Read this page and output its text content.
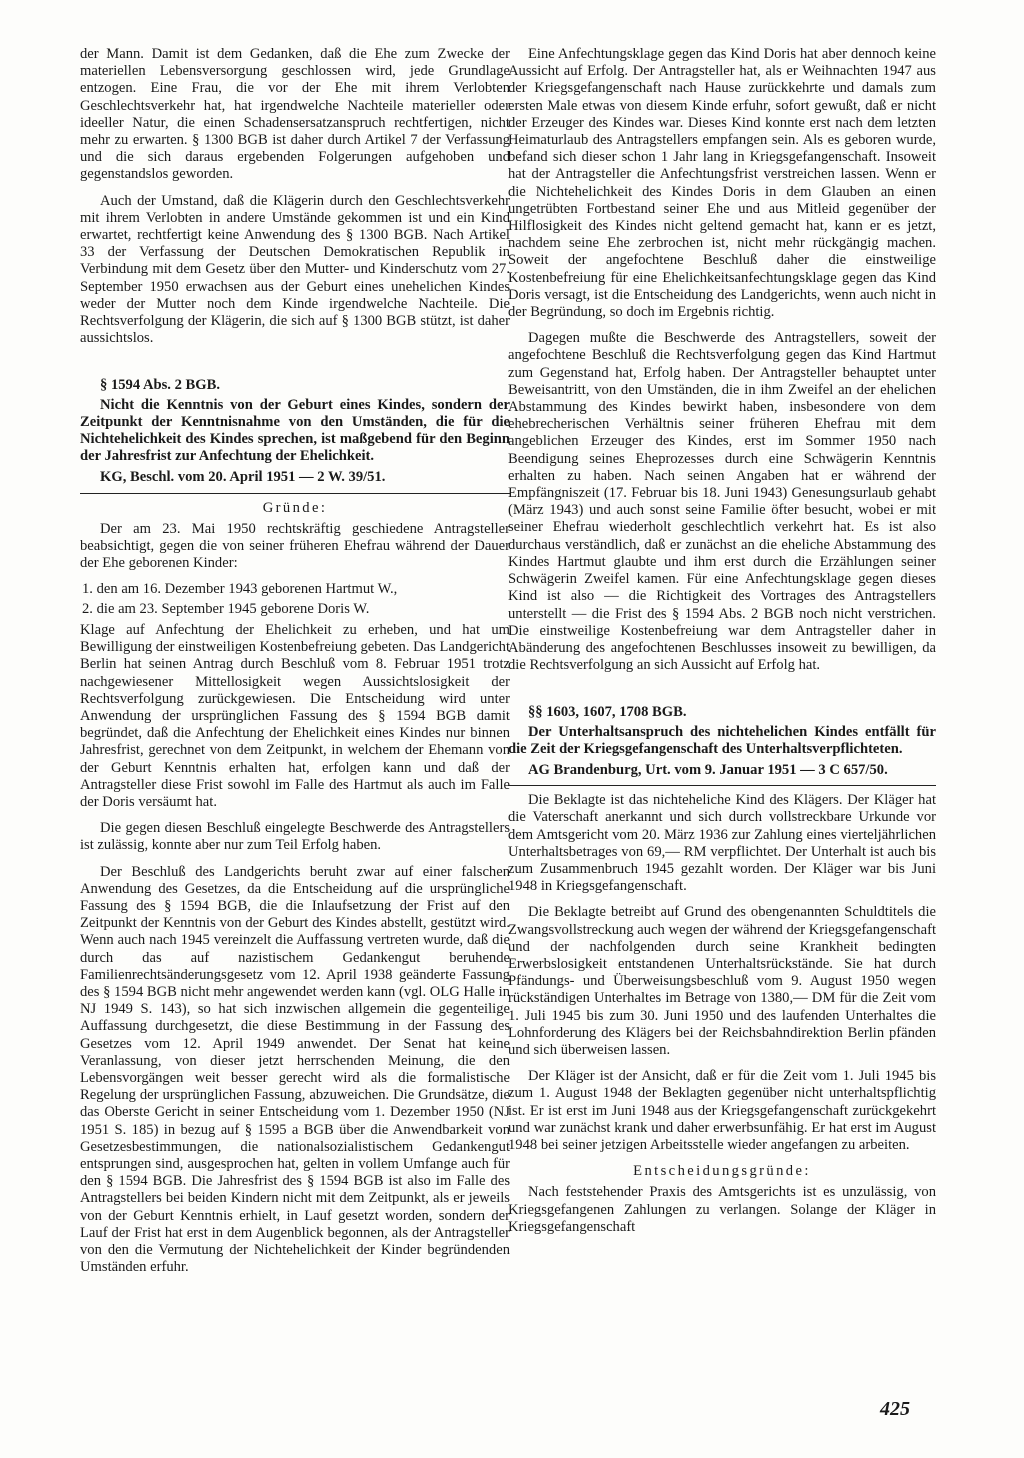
der Mann. Damit ist dem Gedanken, daß die Ehe zum Zwecke der materiellen Lebensversorgung geschlossen wird, jede Grundlage entzogen. Eine Frau, die vor der Ehe mit ihrem Verlobten Geschlechtsverkehr hat, hat irgendwelche Nachteile materieller oder ideeller Natur, die einen Schadensersatzanspruch rechtfertigen, nicht mehr zu erwarten. § 1300 BGB ist daher durch Artikel 7 der Verfassung und die sich daraus ergebenden Folgerungen aufgehoben und gegenstandslos geworden.

Auch der Umstand, daß die Klägerin durch den Geschlechtsverkehr mit ihrem Verlobten in andere Umstände gekommen ist und ein Kind erwartet, rechtfertigt keine Anwendung des § 1300 BGB. Nach Artikel 33 der Verfassung der Deutschen Demokratischen Republik in Verbindung mit dem Gesetz über den Mutter- und Kinderschutz vom 27. September 1950 erwachsen aus der Geburt eines unehelichen Kindes weder der Mutter noch dem Kinde irgendwelche Nachteile. Die Rechtsverfolgung der Klägerin, die sich auf § 1300 BGB stützt, ist daher aussichtslos.

§ 1594 Abs. 2 BGB.
Nicht die Kenntnis von der Geburt eines Kindes, sondern der Zeitpunkt der Kenntnisnahme von den Umständen, die für die Nichtehelichkeit des Kindes sprechen, ist maßgebend für den Beginn der Jahresfrist zur Anfechtung der Ehelichkeit.
KG, Beschl. vom 20. April 1951 — 2 W. 39/51.
Gründe:

Der am 23. Mai 1950 rechtskräftig geschiedene Antragsteller beabsichtigt, gegen die von seiner früheren Ehefrau während der Dauer der Ehe geborenen Kinder:

1. den am 16. Dezember 1943 geborenen Hartmut W.,
2. die am 23. September 1945 geborene Doris W.

Klage auf Anfechtung der Ehelichkeit zu erheben, und hat um Bewilligung der einstweiligen Kostenbefreiung gebeten. Das Landgericht Berlin hat seinen Antrag durch Beschluß vom 8. Februar 1951 trotz nachgewiesener Mittellosigkeit wegen Aussichtslosigkeit der Rechtsverfolgung zurückgewiesen. Die Entscheidung wird unter Anwendung der ursprünglichen Fassung des § 1594 BGB damit begründet, daß die Anfechtung der Ehelichkeit eines Kindes nur binnen Jahresfrist, gerechnet von dem Zeitpunkt, in welchem der Ehemann von der Geburt Kenntnis erhalten hat, erfolgen kann und daß der Antragsteller diese Frist sowohl im Falle des Hartmut als auch im Falle der Doris versäumt hat.

Die gegen diesen Beschluß eingelegte Beschwerde des Antragstellers ist zulässig, konnte aber nur zum Teil Erfolg haben.

Der Beschluß des Landgerichts beruht zwar auf einer falschen Anwendung des Gesetzes, da die Entscheidung auf die ursprüngliche Fassung des § 1594 BGB, die die Inlaufsetzung der Frist auf den Zeitpunkt der Kenntnis von der Geburt des Kindes abstellt, gestützt wird. Wenn auch nach 1945 vereinzelt die Auffassung vertreten wurde, daß die durch das auf nazistischem Gedankengut beruhende Familienrechtsänderungsgesetz vom 12. April 1938 geänderte Fassung des § 1594 BGB nicht mehr angewendet werden kann (vgl. OLG Halle in NJ 1949 S. 143), so hat sich inzwischen allgemein die gegenteilige Auffassung durchgesetzt, die diese Bestimmung in der Fassung des Gesetzes vom 12. April 1949 anwendet. Der Senat hat keine Veranlassung, von dieser jetzt herrschenden Meinung, die den Lebensvorgängen weit besser gerecht wird als die formalistische Regelung der ursprünglichen Fassung, abzuweichen. Die Grundsätze, die das Oberste Gericht in seiner Entscheidung vom 1. Dezember 1950 (NJ 1951 S. 185) in bezug auf § 1595 a BGB über die Anwendbarkeit von Gesetzesbestimmungen, die nationalsozialistischem Gedankengut entsprungen sind, ausgesprochen hat, gelten in vollem Umfange auch für den § 1594 BGB. Die Jahresfrist des § 1594 BGB ist also im Falle des Antragstellers bei beiden Kindern nicht mit dem Zeitpunkt, als er jeweils von der Geburt Kenntnis erhielt, in Lauf gesetzt worden, sondern der Lauf der Frist hat erst in dem Augenblick begonnen, als der Antragsteller von den die Vermutung der Nichtehelichkeit der Kinder begründenden Umständen erfuhr.

Eine Anfechtungsklage gegen das Kind Doris hat aber dennoch keine Aussicht auf Erfolg. Der Antragsteller hat, als er Weihnachten 1947 aus der Kriegsgefangenschaft nach Hause zurückkehrte und damals zum ersten Male etwas von diesem Kinde erfuhr, sofort gewußt, daß er nicht der Erzeuger des Kindes war. Dieses Kind konnte erst nach dem letzten Heimaturlaub des Antragstellers empfangen sein. Als es geboren wurde, befand sich dieser schon 1 Jahr lang in Kriegsgefangenschaft. Insoweit hat der Antragsteller die Anfechtungsfrist verstreichen lassen. Wenn er die Nichtehelichkeit des Kindes Doris in dem Glauben an einen ungetrübten Fortbestand seiner Ehe und aus Mitleid gegenüber der Hilflosigkeit des Kindes nicht geltend gemacht hat, kann er es jetzt, nachdem seine Ehe zerbrochen ist, nicht mehr rückgängig machen. Soweit der angefochtene Beschluß daher die einstweilige Kostenbefreiung für eine Ehelichkeitsanfechtungsklage gegen das Kind Doris versagt, ist die Entscheidung des Landgerichts, wenn auch nicht in der Begründung, so doch im Ergebnis richtig.

Dagegen mußte die Beschwerde des Antragstellers, soweit der angefochtene Beschluß die Rechtsverfolgung gegen das Kind Hartmut zum Gegenstand hat, Erfolg haben. Der Antragsteller behauptet unter Beweisantritt, von den Umständen, die in ihm Zweifel an der ehelichen Abstammung des Kindes bewirkt haben, insbesondere von dem ehebrecherischen Verhältnis seiner früheren Ehefrau mit dem angeblichen Erzeuger des Kindes, erst im Sommer 1950 nach Beendigung seines Eheprozesses durch eine Schwägerin Kenntnis erhalten zu haben. Nach seinen Angaben hat er während der Empfängniszeit (17. Februar bis 18. Juni 1943) Genesungsurlaub gehabt (März 1943) und auch sonst seine Familie öfter besucht, wobei er mit seiner Ehefrau wiederholt geschlechtlich verkehrt hat. Es ist also durchaus verständlich, daß er zunächst an die eheliche Abstammung des Kindes Hartmut glaubte und ihm erst durch die Erzählungen seiner Schwägerin Zweifel kamen. Für eine Anfechtungsklage gegen dieses Kind ist also — die Richtigkeit des Vortrages des Antragstellers unterstellt — die Frist des § 1594 Abs. 2 BGB noch nicht verstrichen. Die einstweilige Kostenbefreiung war dem Antragsteller daher in Abänderung des angefochtenen Beschlusses insoweit zu bewilligen, da die Rechtsverfolgung an sich Aussicht auf Erfolg hat.

§§ 1603, 1607, 1708 BGB.
Der Unterhaltsanspruch des nichtehelichen Kindes entfällt für die Zeit der Kriegsgefangenschaft des Unterhaltsverpflichteten.
AG Brandenburg, Urt. vom 9. Januar 1951 — 3 C 657/50.

Die Beklagte ist das nichteheliche Kind des Klägers. Der Kläger hat die Vaterschaft anerkannt und sich durch vollstreckbare Urkunde vor dem Amtsgericht vom 20. März 1936 zur Zahlung eines vierteljährlichen Unterhaltsbetrages von 69,— RM verpflichtet. Der Unterhalt ist auch bis zum Zusammenbruch 1945 gezahlt worden. Der Kläger war bis Juni 1948 in Kriegsgefangenschaft.

Die Beklagte betreibt auf Grund des obengenannten Schuldtitels die Zwangsvollstreckung auch wegen der während der Kriegsgefangenschaft und der nachfolgenden durch seine Krankheit bedingten Erwerbslosigkeit entstandenen Unterhaltsrückstände. Sie hat durch Pfändungs- und Überweisungsbeschluß vom 9. August 1950 wegen rückständigen Unterhaltes im Betrage von 1380,— DM für die Zeit vom 1. Juli 1945 bis zum 30. Juni 1950 und des laufenden Unterhaltes die Lohnforderung des Klägers bei der Reichsbahndirektion Berlin pfänden und sich überweisen lassen.

Der Kläger ist der Ansicht, daß er für die Zeit vom 1. Juli 1945 bis zum 1. August 1948 der Beklagten gegenüber nicht unterhaltspflichtig ist. Er ist erst im Juni 1948 aus der Kriegsgefangenschaft zurückgekehrt und war zunächst krank und daher erwerbsunfähig. Er hat erst im August 1948 bei seiner jetzigen Arbeitsstelle wieder angefangen zu arbeiten.

Entscheidungsgründe:

Nach feststehender Praxis des Amtsgerichts ist es unzulässig, von Kriegsgefangenen Zahlungen zu verlangen. Solange der Kläger in Kriegsgefangenschaft

425
